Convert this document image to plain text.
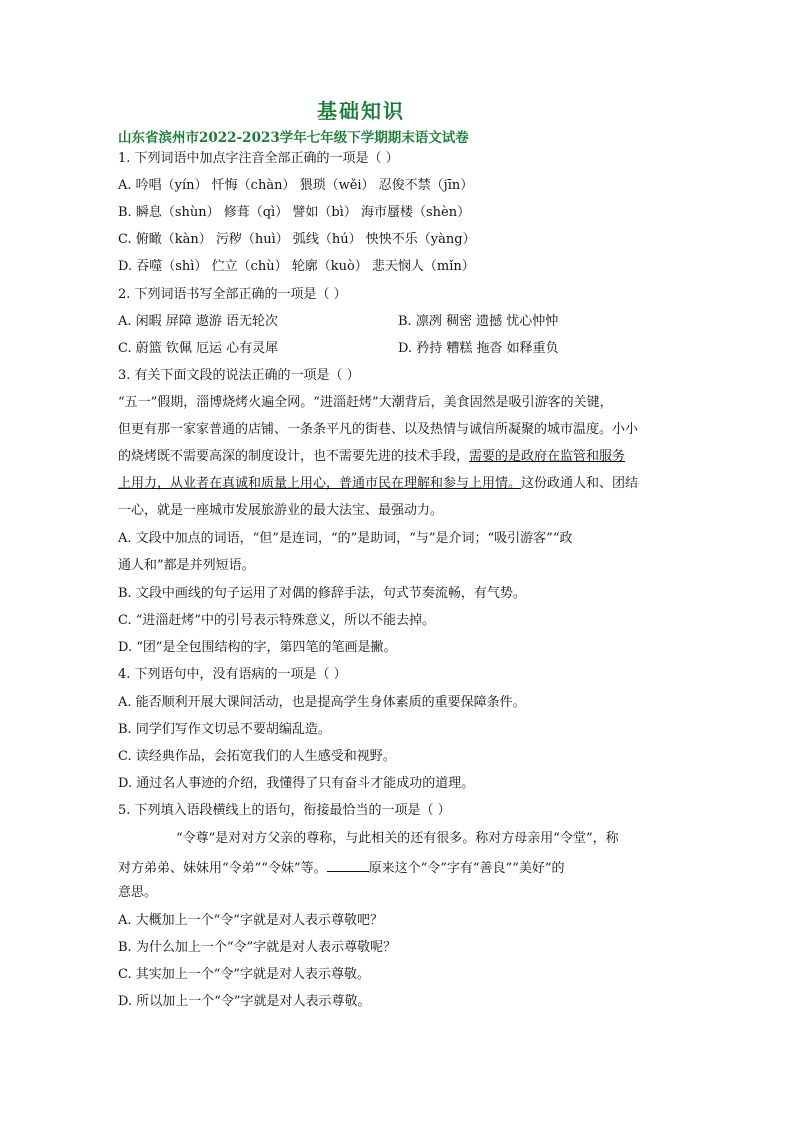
基础知识
山东省滨州市2022-2023学年七年级下学期期末语文试卷
1. 下列词语中加点字注音全部正确的一项是（ ）
A. 吟唱（yín） 忏悔（chàn） 猥琐（wěi） 忍俊不禁（jīn）
B. 瞬息（shùn） 修葺（qì） 譬如（bì） 海市蜃楼（shèn）
C. 俯瞰（kàn） 污秽（huì） 弧线（hú） 怏怏不乐（yàng）
D. 吞噬（shì） 伫立（chù） 轮廓（kuò） 悲天悯人（mǐn）
2. 下列词语书写全部正确的一项是（ ）
A. 闲暇 屏障 遨游 语无轮次	B. 凛冽 稠密 遗撼 忧心忡忡
C. 蔚篮 钦佩 厄运 心有灵犀	D. 矜持 糟糕 拖沓 如释重负
3. 有关下面文段的说法正确的一项是（ ）
“五一”假期，淄博烧烤火遍全网。“进淄赶烤”大潮背后，美食固然是吸引游客的关键，
但更有那一家家普通的店铺、一条条平凡的街巷、以及热情与诚信所凝聚的城市温度。小小
的烧烤既不需要高深的制度设计，也不需要先进的技术手段，需要的是政府在监管和服务
上用力，从业者在真诚和质量上用心，普通市民在理解和参与上用情。这份政通人和、团结
一心，就是一座城市发展旅游业的最大法宝、最强动力。
A. 文段中加点的词语，“但”是连词，“的”是助词，“与”是介词；“吸引游客”“政
通人和”都是并列短语。
B. 文段中画线的句子运用了对偶的修辞手法，句式节奏流畅，有气势。
C. “进淄赶烤”中的引号表示特殊意义，所以不能去掉。
D. “团”是全包围结构的字，第四笔的笔画是撇。
4. 下列语句中，没有语病的一项是（ ）
A. 能否顺利开展大课间活动，也是提高学生身体素质的重要保障条件。
B. 同学们写作文切忌不要胡编乱造。
C. 读经典作品，会拓宽我们的人生感受和视野。
D. 通过名人事迹的介绍，我懂得了只有奋斗才能成功的道理。
5. 下列填入语段横线上的语句，衔接最恰当的一项是（ ）
“令尊”是对对方父亲的尊称，与此相关的还有很多。称对方母亲用“令堂”，称
对方弟弟、妹妹用“令弟”“令妹”等。	原来这个“令”字有“善良”“美好”的
意思。
A. 大概加上一个“令”字就是对人表示尊敬吧？
B. 为什么加上一个“令”字就是对人表示尊敬呢？
C. 其实加上一个“令”字就是对人表示尊敬。
D. 所以加上一个“令”字就是对人表示尊敬。
